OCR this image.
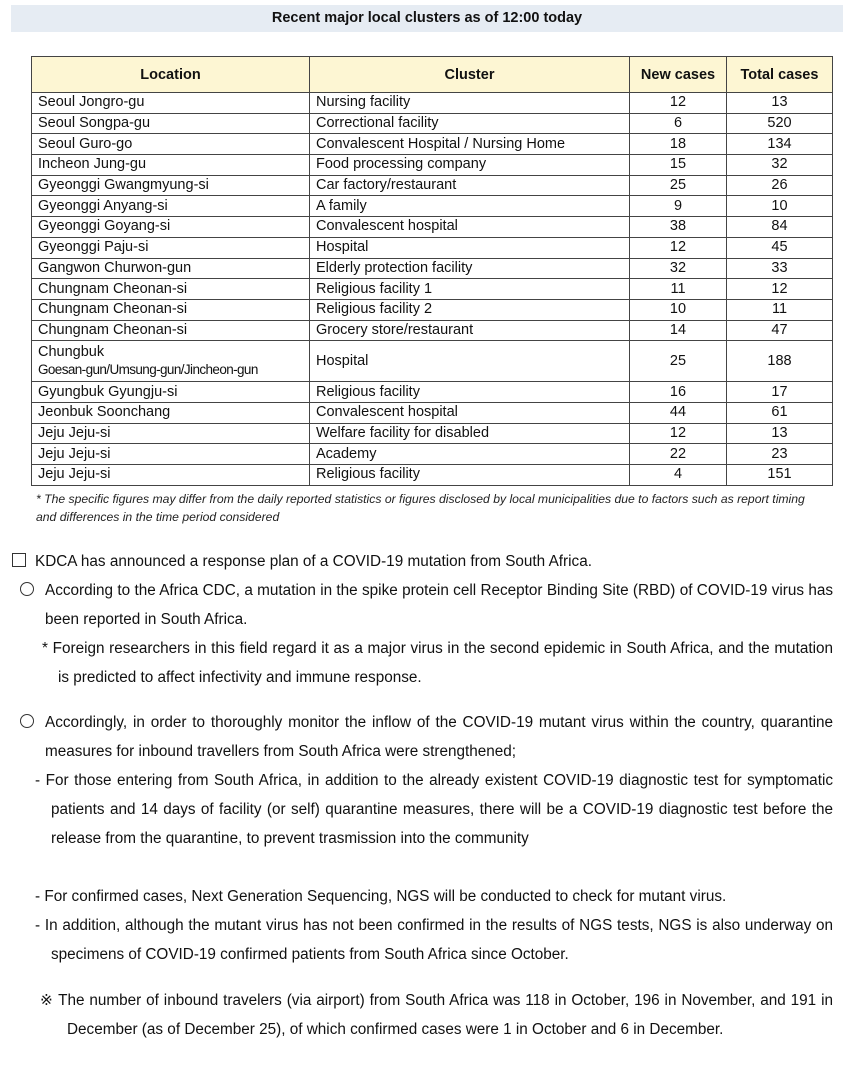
Recent major local clusters as of 12:00 today
Location	Cluster	New cases	Total cases

Seoul Jongro-gu	Nursing facility	12	13

Seoul Songpa-gu	Correctional facility	6	520

Seoul Guro-go	Convalescent Hospital / Nursing Home	18	134

Incheon Jung-gu	Food processing company	15	32

Gyeonggi Gwangmyung-si	Car factory/restaurant	25	26

Gyeonggi Anyang-si	A family	9	10

Gyeonggi Goyang-si	Convalescent hospital	38	84

Gyeonggi Paju-si	Hospital	12	45

Gangwon Churwon-gun	Elderly protection facility	32	33

Chungnam Cheonan-si	Religious facility 1	11	12

Chungnam Cheonan-si	Religious facility 2	10	11

Chungnam Cheonan-si	Grocery store/restaurant	14	47

Chungbuk
Goesan-gun/Umsung-gun/Jincheon-gun	Hospital	25	188

Gyungbuk Gyungju-si	Religious facility	16	17

Jeonbuk Soonchang	Convalescent hospital	44	61

Jeju Jeju-si	Welfare facility for disabled	12	13

Jeju Jeju-si	Academy	22	23

Jeju Jeju-si	Religious facility	4	151
* The specific figures may differ from the daily reported statistics or figures disclosed by local municipalities due to factors such as report timing and differences in the time period considered
KDCA has announced a response plan of a COVID-19 mutation from South Africa.
According to the Africa CDC, a mutation in the spike protein cell Receptor Binding Site (RBD) of COVID-19 virus has been reported in South Africa.
* Foreign researchers in this field regard it as a major virus in the second epidemic in South Africa, and the mutation is predicted to affect infectivity and immune response.
Accordingly, in order to thoroughly monitor the inflow of the COVID-19 mutant virus within the country, quarantine measures for inbound travellers from South Africa were strengthened;
- For those entering from South Africa, in addition to the already existent COVID-19 diagnostic test for symptomatic patients and 14 days of facility (or self) quarantine measures, there will be a COVID-19 diagnostic test before the release from the quarantine, to prevent trasmission into the community
- For confirmed cases, Next Generation Sequencing, NGS will be conducted to check for mutant virus.
- In addition, although the mutant virus has not been confirmed in the results of NGS tests, NGS is also underway on specimens of COVID-19 confirmed patients from South Africa since October.
※ The number of inbound travelers (via airport) from South Africa was 118 in October, 196 in November, and 191 in December (as of December 25), of which confirmed cases were 1 in October and 6 in December.
